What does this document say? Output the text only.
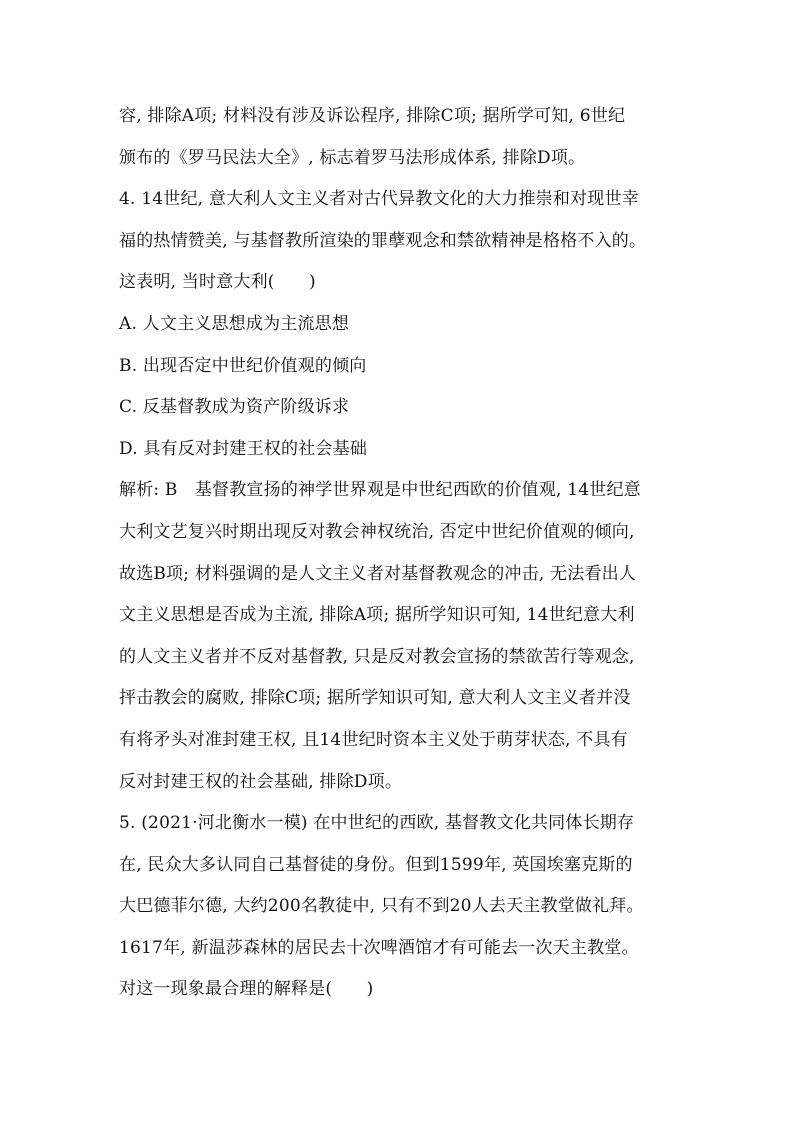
容, 排除A项; 材料没有涉及诉讼程序, 排除C项; 据所学可知, 6世纪
颁布的《罗马民法大全》, 标志着罗马法形成体系, 排除D项。
4. 14世纪, 意大利人文主义者对古代异教文化的大力推崇和对现世幸
福的热情赞美, 与基督教所渲染的罪孽观念和禁欲精神是格格不入的。
这表明, 当时意大利(　　)
A. 人文主义思想成为主流思想
B. 出现否定中世纪价值观的倾向
C. 反基督教成为资产阶级诉求
D. 具有反对封建王权的社会基础
解析: B　基督教宣扬的神学世界观是中世纪西欧的价值观, 14世纪意
大利文艺复兴时期出现反对教会神权统治, 否定中世纪价值观的倾向,
故选B项; 材料强调的是人文主义者对基督教观念的冲击, 无法看出人
文主义思想是否成为主流, 排除A项; 据所学知识可知, 14世纪意大利
的人文主义者并不反对基督教, 只是反对教会宣扬的禁欲苦行等观念,
抨击教会的腐败, 排除C项; 据所学知识可知, 意大利人文主义者并没
有将矛头对准封建王权, 且14世纪时资本主义处于萌芽状态, 不具有
反对封建王权的社会基础, 排除D项。
5. (2021·河北衡水一模) 在中世纪的西欧, 基督教文化共同体长期存
在, 民众大多认同自己基督徒的身份。但到1599年, 英国埃塞克斯的
大巴德菲尔德, 大约200名教徒中, 只有不到20人去天主教堂做礼拜。
1617年, 新温莎森林的居民去十次啤酒馆才有可能去一次天主教堂。
对这一现象最合理的解释是(　　)
